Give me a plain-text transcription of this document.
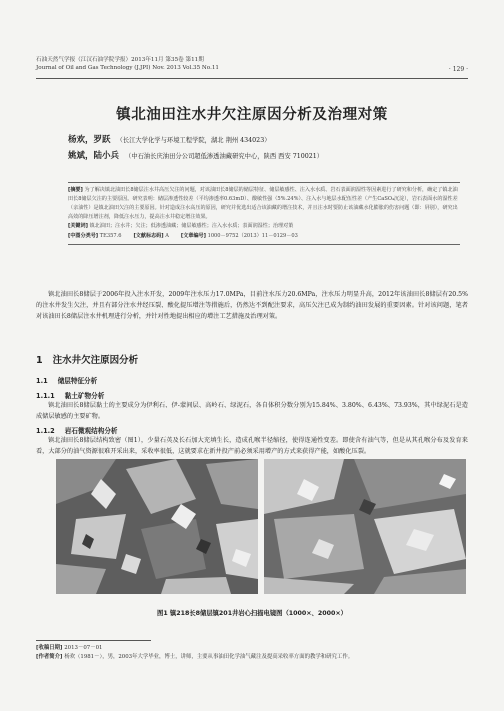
石油天然气学报（江汉石油学院学报）2013年11月 第35卷 第11期
Journal of Oil and Gas Technology (J.JPI) Nov. 2013 Vol.35 No.11	· 129 ·
镇北油田注水井欠注原因分析及治理对策
杨欢，罗跃 （长江大学化学与环境工程学院，湖北 荆州 434023）
姚斌，陆小兵 （中石油长庆油田分公司超低渗透油藏研究中心，陕西 西安 710021）
[摘要] 为了解决镇北油田长8储层注水井高压欠注的问题，对该油田长8储层的储层特征、储层敏感性、注入水水质、岩石表面润湿性等因素进行了研究和分析，确定了镇北油田长8储层欠注的主要原因。研究表明：储层渗透性较差（平均渗透率0.63mD）、酸敏性强（5%.24%）、注入水与地层水配伍性差（产生CaSO₄沉淀），岩石表面水的湿性差（亲油性）是镇北油田欠注的主要原因。针对造成注水高压的原因，研究并优选出适合该油藏的增注技术，并且注水时要防止该油藏水化膨胀的伤害问题（即：屏别），研究出高效的降压增注剂，降低注水压力，提高注水井稳定增注效果。
[关键词] 镇北油田；注水井；欠注；低渗透油藏；储层敏感性；注入水水质；表面润湿性；治理对策
[中图分类号] TE357.6 [文献标志码] A [文章编号] 1000－9752（2013）11－0129－03

镇北油田长8储层于2006年投入注水开发，2009年注水压力17.0MPa，目前注水压力20.6MPa，注水压力明显升高，2012年该油田长8储层有20.5%的注水井发生欠注，并且有部分注水井经压裂、酸化提压增注等措施后，仍然达不到配注要求，高压欠注已成为制约油田发展的重要因素。针对该问题，笔者对该油田长8储层注水井机理进行分析，并针对性地提出相应的增注工艺措施及治理对策。

1 注水井欠注原因分析
1.1 储层特征分析
1.1.1 黏土矿物分析

镇北油田长8储层黏土的主要成分为伊利石、伊-蒙间层、高岭石、绿泥石，各自体积分数分别为15.84%、3.80%、6.43%、73.93%，其中绿泥石是造成储层敏感的主要矿物。

1.1.2 岩石微观结构分析

镇北油田长8储层结构致密（图1），少量石英及长石加大充填生长，造成孔喉半径缩径，使得连通性变差。即使含有油气等，但是从其孔喉分布及发育来看，大部分的油气资源很难开采出来，采收率很低，这就要求在新井投产前必须采用增产的方式来获得产能，如酸化压裂。

图1 镇218长8储层镇201井岩心扫描电镜图（1000×、2000×）
[收稿日期] 2013－07－01
[作者简介] 杨欢（1981－），男，2003年大学毕业，博士，讲师，主要从事油田化学油气藏注及提高采收率方面的教学和研究工作。
